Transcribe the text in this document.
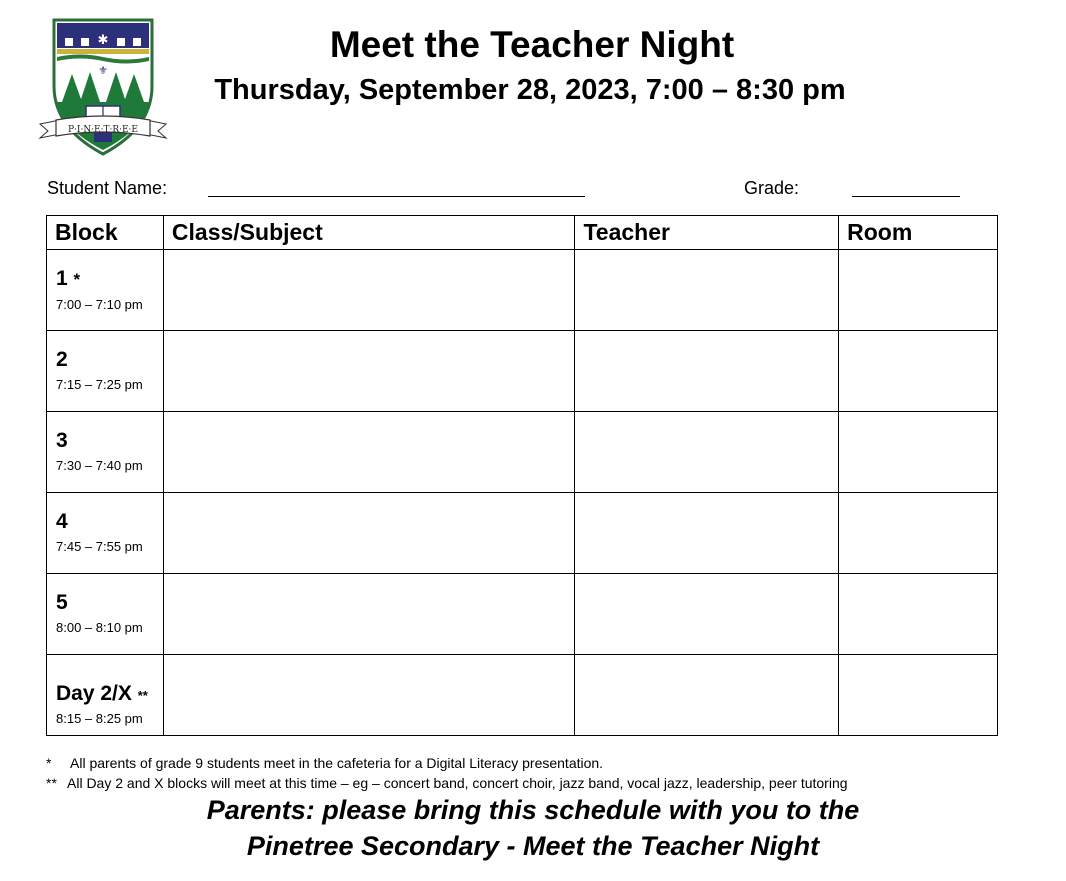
✱
⚜
P·I·N·E·T·R·E·E
Meet the Teacher Night
Thursday, September 28, 2023, 7:00 – 8:30 pm
Student Name:	Grade:
Block	Class/Subject	Teacher	Room

1 *
7:00 – 7:10 pm			

2
7:15 – 7:25 pm			

3
7:30 – 7:40 pm			

4
7:45 – 7:55 pm			

5
8:00 – 8:10 pm			

Day 2/X **
8:15 – 8:25 pm			

* All parents of grade 9 students meet in the cafeteria for a Digital Literacy presentation.
** All Day 2 and X blocks will meet at this time – eg – concert band, concert choir, jazz band, vocal jazz, leadership, peer tutoring
Parents: please bring this schedule with you to the
Pinetree Secondary - Meet the Teacher Night
